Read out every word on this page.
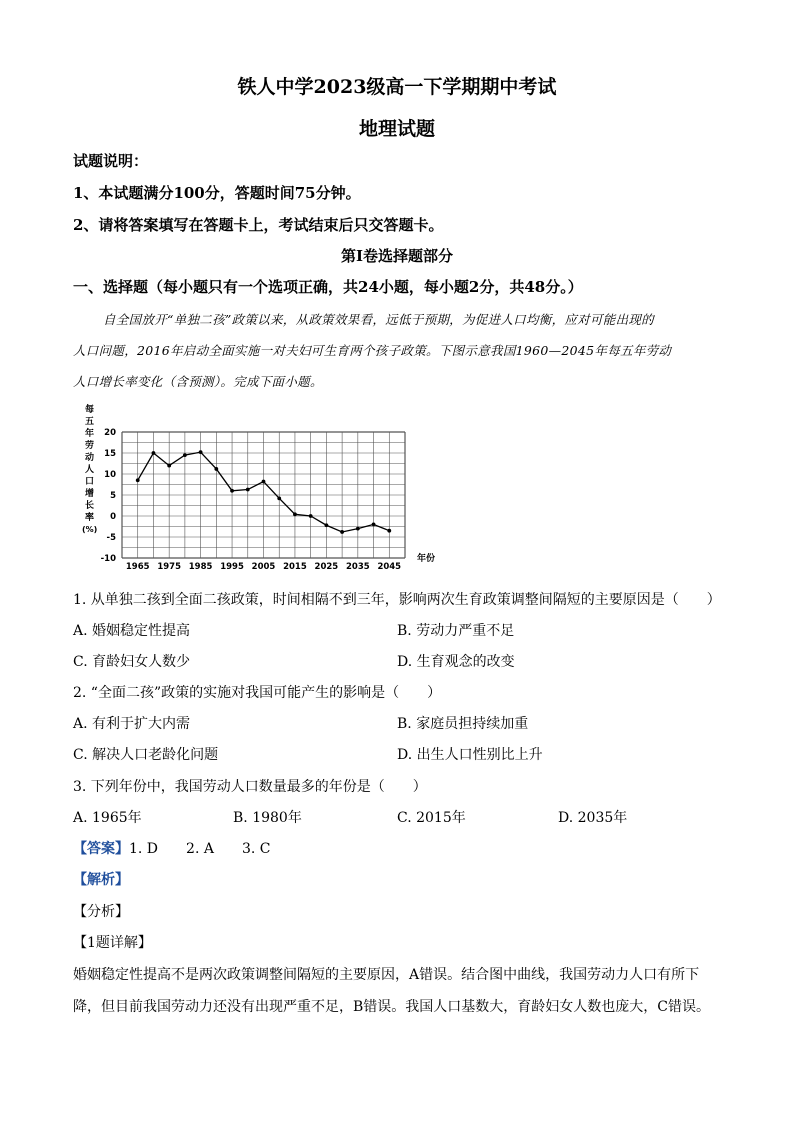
铁人中学2023级高一下学期期中考试
地理试题
试题说明：
1、本试题满分100分，答题时间75分钟。
2、请将答案填写在答题卡上，考试结束后只交答题卡。
第Ⅰ卷选择题部分
一、选择题（每小题只有一个选项正确，共24小题，每小题2分，共48分。）
自全国放开“单独二孩”政策以来，从政策效果看，远低于预期，为促进人口均衡，应对可能出现的
人口问题，2016年启动全面实施一对夫妇可生育两个孩子政策。下图示意我国1960—2045年每五年劳动
人口增长率变化（含预测）。完成下面小题。
每
五
年
劳
动
人
口
增
长
率
(%)
20
15
10
5
0
-5
-10
1965 1975 1985 1995 2005 2015 2025 2035 2045
年份
1. 从单独二孩到全面二孩政策，时间相隔不到三年，影响两次生育政策调整间隔短的主要原因是（　　）
A. 婚姻稳定性提高	B. 劳动力严重不足
C. 育龄妇女人数少	D. 生育观念的改变
2. “全面二孩”政策的实施对我国可能产生的影响是（　　）
A. 有利于扩大内需	B. 家庭员担持续加重
C. 解决人口老龄化问题	D. 出生人口性别比上升
3. 下列年份中，我国劳动人口数量最多的年份是（　　）
A. 1965年	B. 1980年	C. 2015年	D. 2035年
【答案】1. D　　2. A　　3. C
【解析】
【分析】
【1题详解】
婚姻稳定性提高不是两次政策调整间隔短的主要原因，A错误。结合图中曲线，我国劳动力人口有所下
降，但目前我国劳动力还没有出现严重不足，B错误。我国人口基数大，育龄妇女人数也庞大，C错误。
